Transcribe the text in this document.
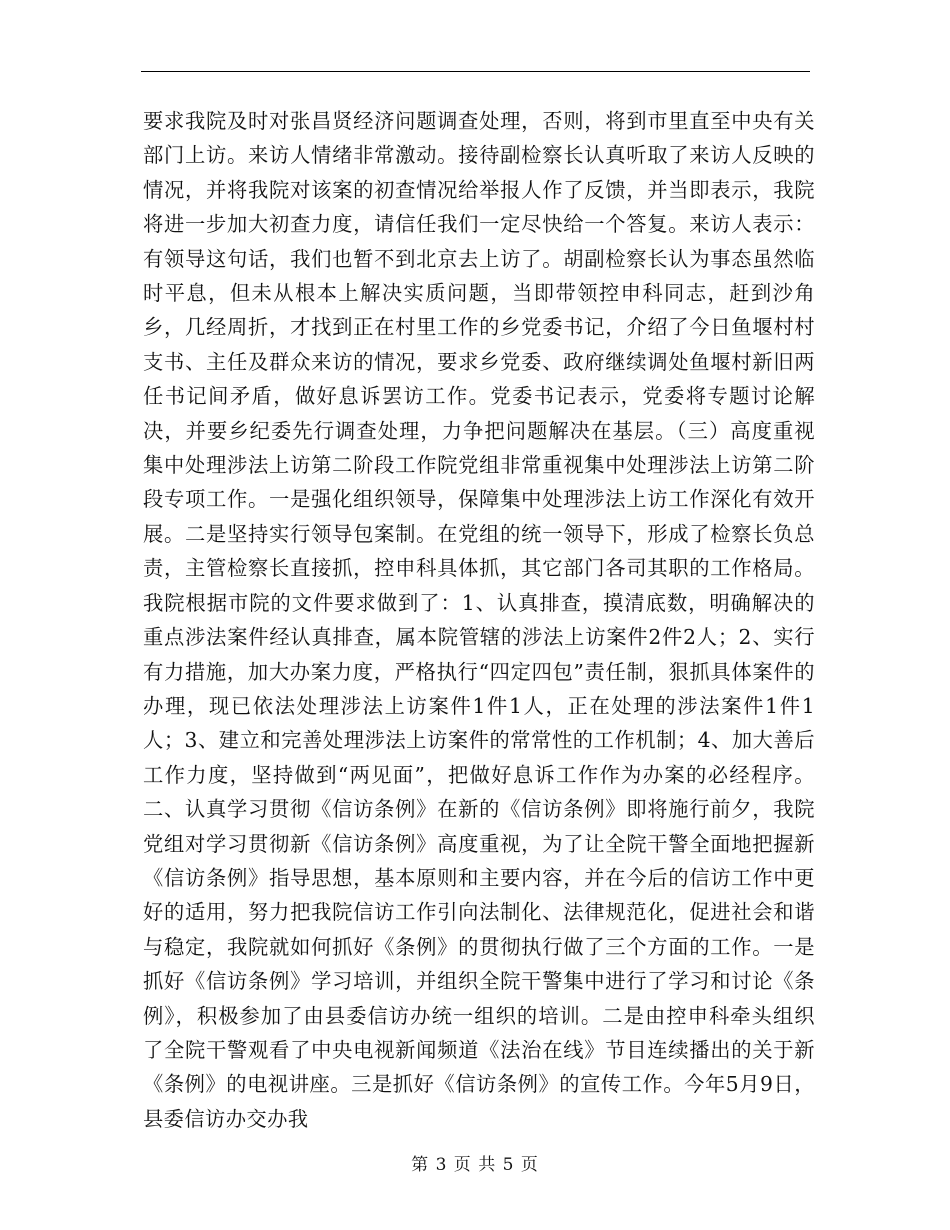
要求我院及时对张昌贤经济问题调查处理，否则，将到市里直至中央有关部门上访。来访人情绪非常激动。接待副检察长认真听取了来访人反映的情况，并将我院对该案的初查情况给举报人作了反馈，并当即表示，我院将进一步加大初查力度，请信任我们一定尽快给一个答复。来访人表示：有领导这句话，我们也暂不到北京去上访了。胡副检察长认为事态虽然临时平息，但未从根本上解决实质问题，当即带领控申科同志，赶到沙角乡，几经周折，才找到正在村里工作的乡党委书记，介绍了今日鱼堰村村支书、主任及群众来访的情况，要求乡党委、政府继续调处鱼堰村新旧两任书记间矛盾，做好息诉罢访工作。党委书记表示，党委将专题讨论解决，并要乡纪委先行调查处理，力争把问题解决在基层。（三）高度重视集中处理涉法上访第二阶段工作院党组非常重视集中处理涉法上访第二阶段专项工作。一是强化组织领导，保障集中处理涉法上访工作深化有效开展。二是坚持实行领导包案制。在党组的统一领导下，形成了检察长负总责，主管检察长直接抓，控申科具体抓，其它部门各司其职的工作格局。我院根据市院的文件要求做到了：1、认真排查，摸清底数，明确解决的重点涉法案件经认真排查，属本院管辖的涉法上访案件2件2人；2、实行有力措施，加大办案力度，严格执行“四定四包”责任制，狠抓具体案件的办理，现已依法处理涉法上访案件1件1人，正在处理的涉法案件1件1人；3、建立和完善处理涉法上访案件的常常性的工作机制；4、加大善后工作力度，坚持做到“两见面”，把做好息诉工作作为办案的必经程序。二、认真学习贯彻《信访条例》在新的《信访条例》即将施行前夕，我院党组对学习贯彻新《信访条例》高度重视，为了让全院干警全面地把握新《信访条例》指导思想，基本原则和主要内容，并在今后的信访工作中更好的适用，努力把我院信访工作引向法制化、法律规范化，促进社会和谐与稳定，我院就如何抓好《条例》的贯彻执行做了三个方面的工作。一是抓好《信访条例》学习培训，并组织全院干警集中进行了学习和讨论《条例》，积极参加了由县委信访办统一组织的培训。二是由控申科牵头组织了全院干警观看了中央电视新闻频道《法治在线》节目连续播出的关于新《条例》的电视讲座。三是抓好《信访条例》的宣传工作。今年5月9日，县委信访办交办我

第 3 页 共 5 页
